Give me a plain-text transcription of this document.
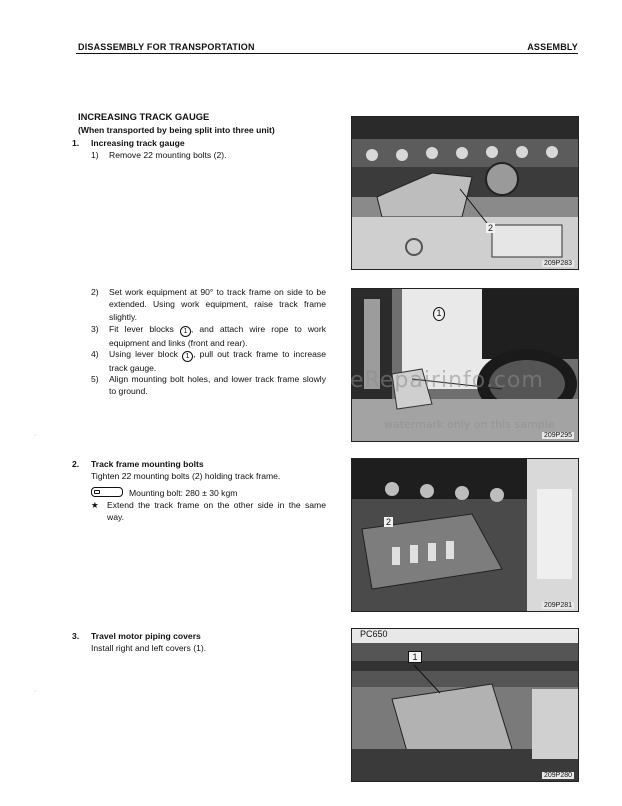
DISASSEMBLY FOR TRANSPORTATION	ASSEMBLY
INCREASING TRACK GAUGE
(When transported by being split into three unit)
1. Increasing track gauge
1) Remove 22 mounting bolts (2).
2) Set work equipment at 90° to track frame on side to be extended. Using work equipment, raise track frame slightly.
3) Fit lever blocks 1 , and attach wire rope to work equipment and links (front and rear).
4) Using lever block 1 , pull out track frame to increase track gauge.
5) Align mounting bolt holes, and lower track frame slowly to ground.
2. Track frame mounting bolts
Tighten 22 mounting bolts (2) holding track frame.
Mounting bolt: 280 ± 30 kgm
★ Extend the track frame on the other side in the same way.
3. Travel motor piping covers
Install right and left covers (1).
·
·
2
209P283
1
209P295
2
209P281
PC650
1
209P280
eRepairinfo.com
watermark only on this sample
